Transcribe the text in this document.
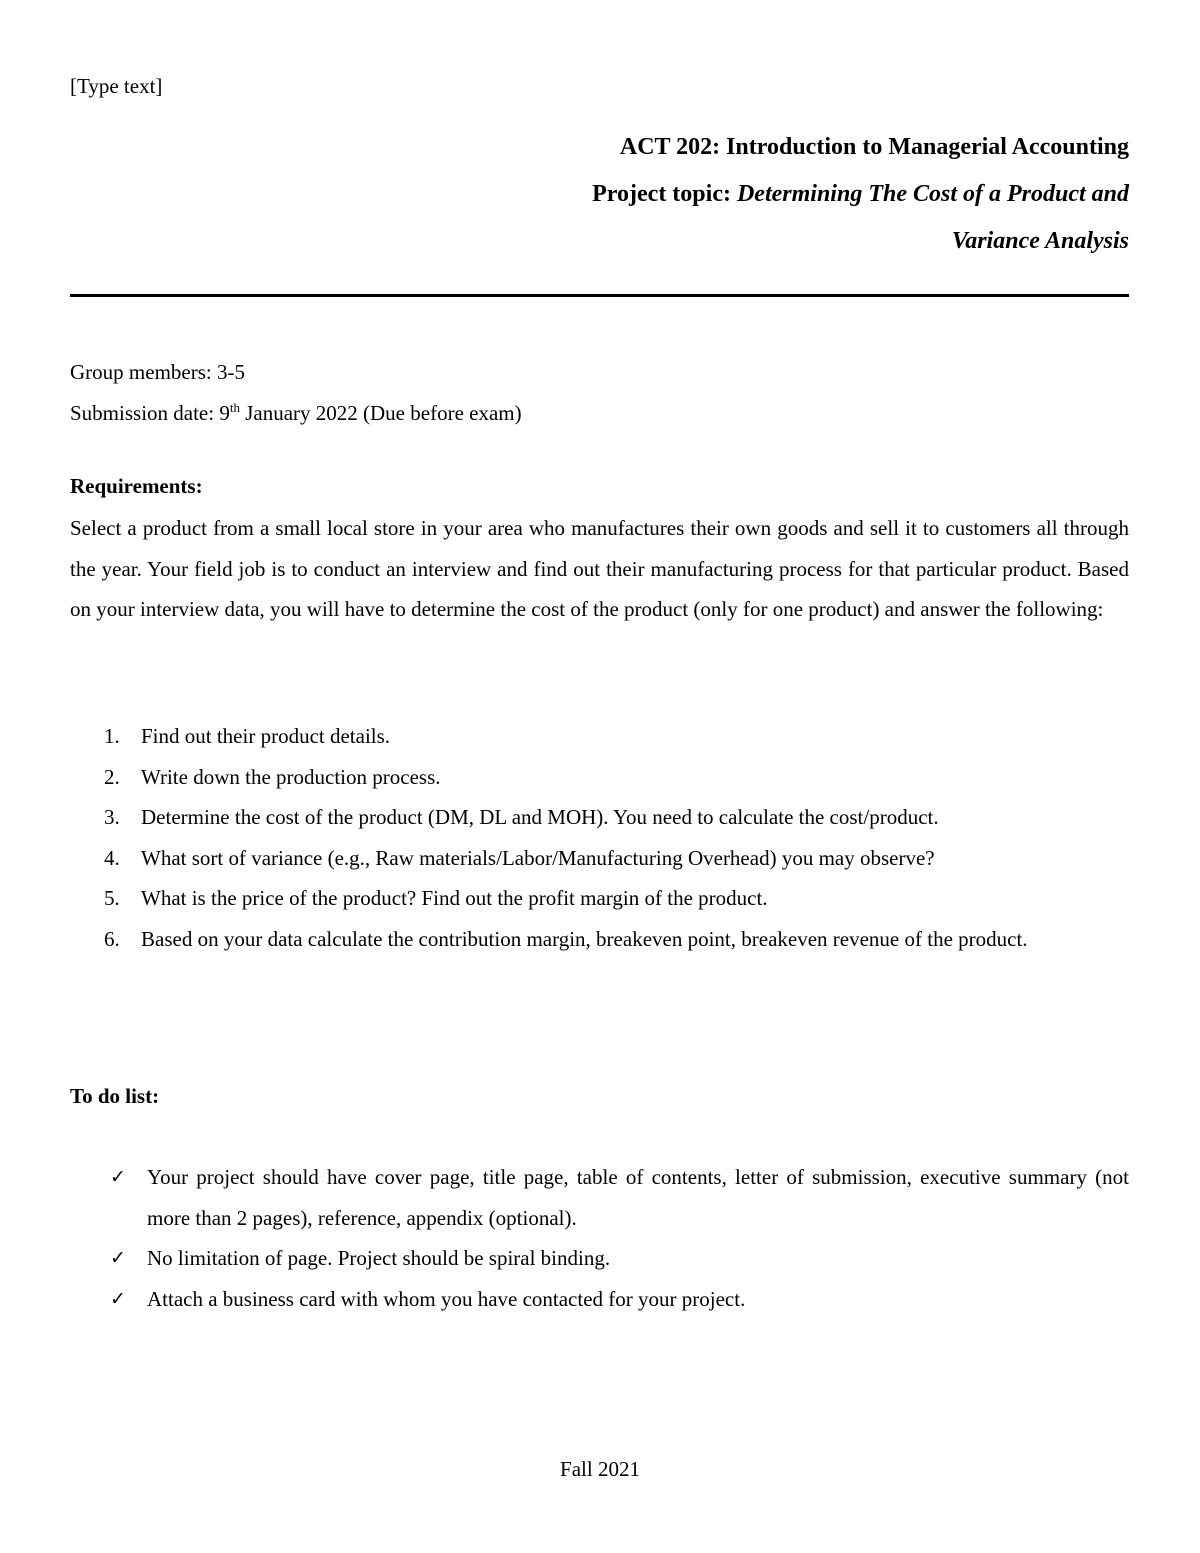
[Type text]
ACT 202: Introduction to Managerial Accounting
Project topic: Determining The Cost of a Product and
Variance Analysis
Group members: 3-5
Submission date: 9th January 2022 (Due before exam)
Requirements:
Select a product from a small local store in your area who manufactures their own goods and sell it to customers all through the year. Your field job is to conduct an interview and find out their manufacturing process for that particular product. Based on your interview data, you will have to determine the cost of the product (only for one product) and answer the following:
1. Find out their product details.
2. Write down the production process.
3. Determine the cost of the product (DM, DL and MOH). You need to calculate the cost/product.
4. What sort of variance (e.g., Raw materials/Labor/Manufacturing Overhead) you may observe?
5. What is the price of the product? Find out the profit margin of the product.
6. Based on your data calculate the contribution margin, breakeven point, breakeven revenue of the product.
To do list:
✓ Your project should have cover page, title page, table of contents, letter of submission, executive summary (not more than 2 pages), reference, appendix (optional).
✓ No limitation of page. Project should be spiral binding.
✓ Attach a business card with whom you have contacted for your project.
Fall 2021
